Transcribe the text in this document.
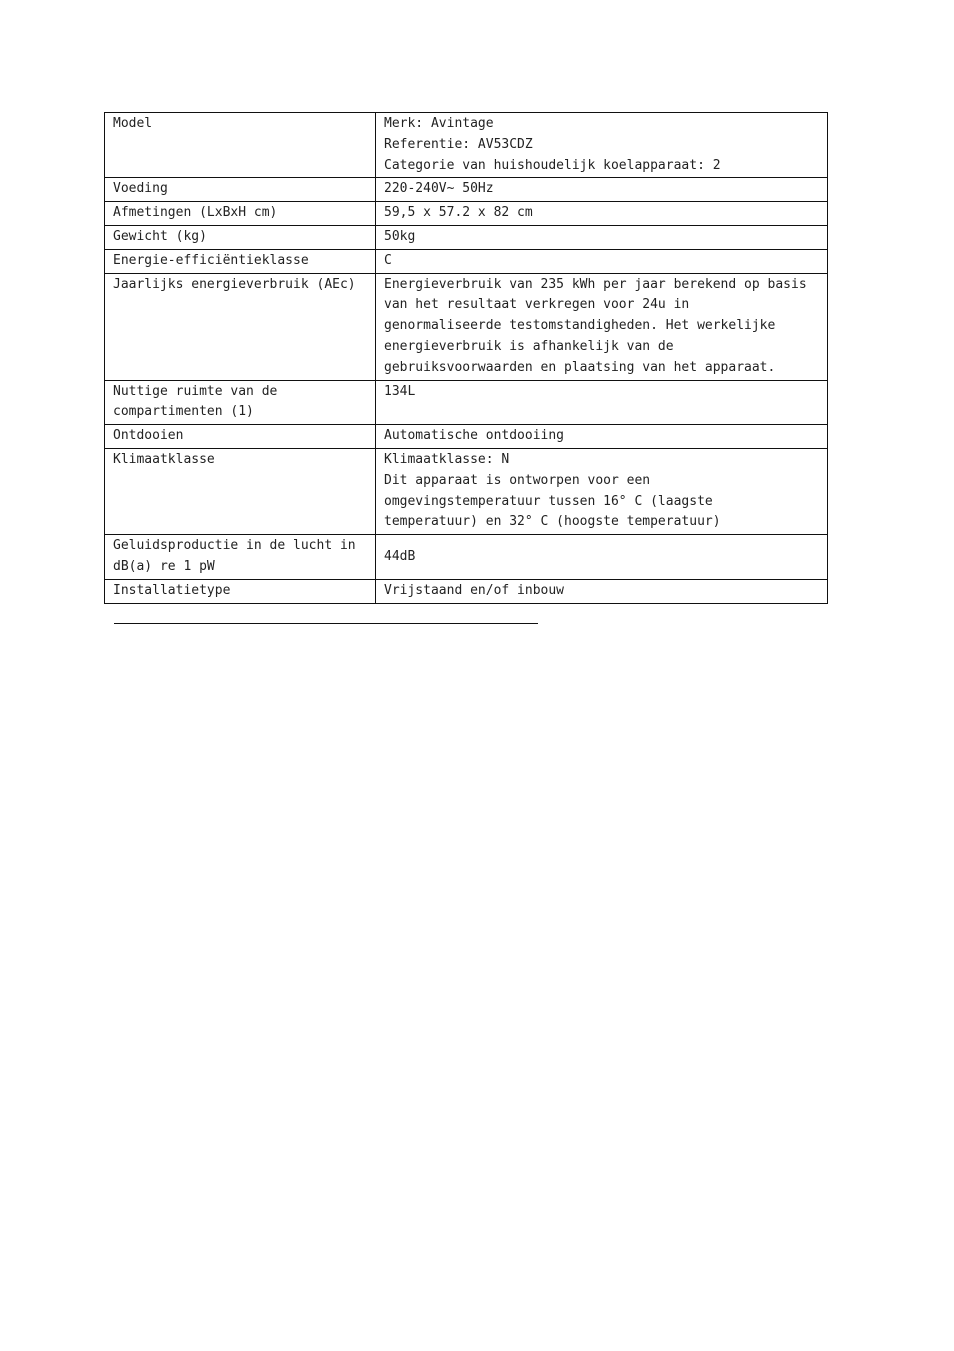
Model	Merk: Avintage
Referentie: AV53CDZ
Categorie van huishoudelijk koelapparaat: 2

Voeding	220-240V~ 50Hz

Afmetingen (LxBxH cm)	59,5 x 57.2 x 82 cm

Gewicht (kg)	50kg

Energie-efficiëntieklasse	C

Jaarlijks energieverbruik (AEc)	Energieverbruik van 235 kWh per jaar berekend op basis
van het resultaat verkregen voor 24u in
genormaliseerde testomstandigheden. Het werkelijke
energieverbruik is afhankelijk van de
gebruiksvoorwaarden en plaatsing van het apparaat.

Nuttige ruimte van de
compartimenten (1)	134L

Ontdooien	Automatische ontdooiing

Klimaatklasse	Klimaatklasse: N
Dit apparaat is ontworpen voor een
omgevingstemperatuur tussen 16° C (laagste
temperatuur) en 32° C (hoogste temperatuur)

Geluidsproductie in de lucht in
dB(a) re 1 pW	44dB

Installatietype	Vrijstaand en/of inbouw
